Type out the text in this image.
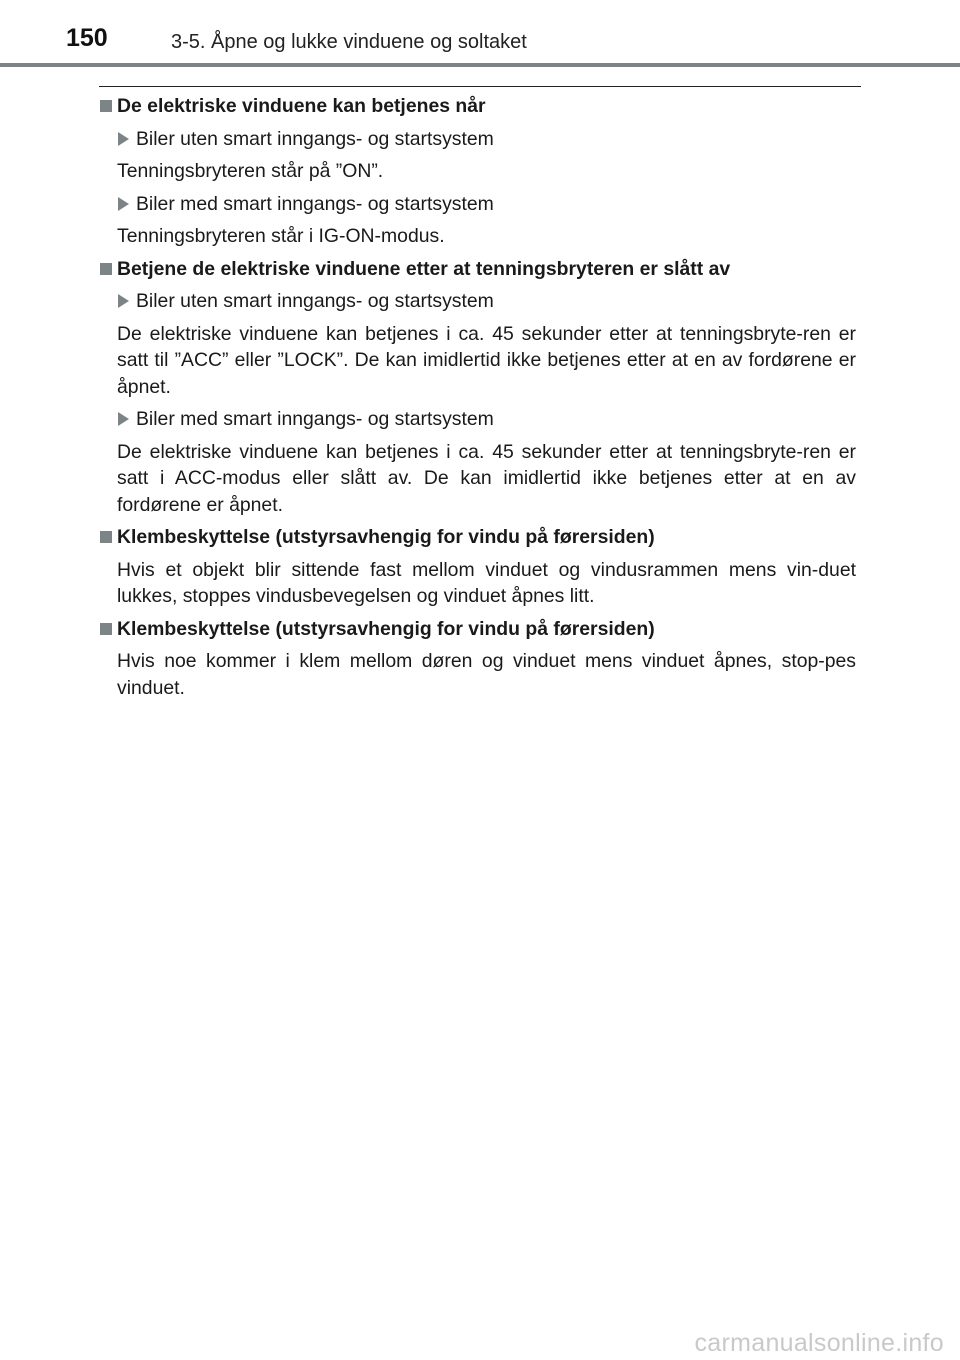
150	3-5. Åpne og lukke vinduene og soltaket
De elektriske vinduene kan betjenes når
Biler uten smart inngangs- og startsystem
Tenningsbryteren står på ”ON”.
Biler med smart inngangs- og startsystem
Tenningsbryteren står i IG-ON-modus.
Betjene de elektriske vinduene etter at tenningsbryteren er slått av
Biler uten smart inngangs- og startsystem
De elektriske vinduene kan betjenes i ca. 45 sekunder etter at tenningsbryte-ren er satt til ”ACC” eller ”LOCK”. De kan imidlertid ikke betjenes etter at en av fordørene er åpnet.
Biler med smart inngangs- og startsystem
De elektriske vinduene kan betjenes i ca. 45 sekunder etter at tenningsbryte-ren er satt i ACC-modus eller slått av. De kan imidlertid ikke betjenes etter at en av fordørene er åpnet.
Klembeskyttelse (utstyrsavhengig for vindu på førersiden)
Hvis et objekt blir sittende fast mellom vinduet og vindusrammen mens vin-duet lukkes, stoppes vindusbevegelsen og vinduet åpnes litt.
Klembeskyttelse (utstyrsavhengig for vindu på førersiden)
Hvis noe kommer i klem mellom døren og vinduet mens vinduet åpnes, stop-pes vinduet.
carmanualsonline.info
